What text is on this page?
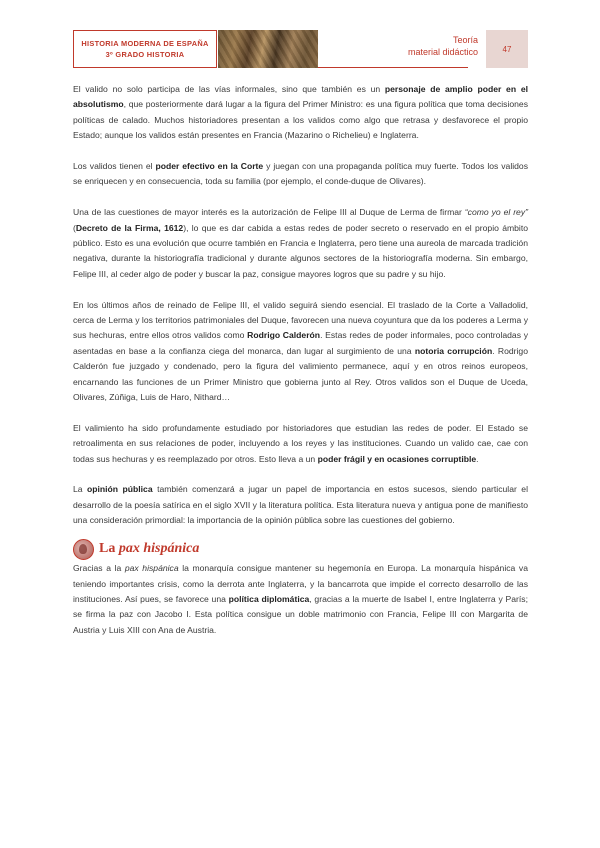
HISTORIA MODERNA DE ESPAÑA
3º GRADO HISTORIA
Teoría
material didáctico	47

El valido no solo participa de las vías informales, sino que también es un personaje de amplio poder en el absolutismo, que posteriormente dará lugar a la figura del Primer Ministro: es una figura política que toma decisiones políticas de calado. Muchos historiadores presentan a los validos como algo que retrasa y desfavorece el propio Estado; aunque los validos están presentes en Francia (Mazarino o Richelieu) e Inglaterra.

Los validos tienen el poder efectivo en la Corte y juegan con una propaganda política muy fuerte. Todos los validos se enriquecen y en consecuencia, toda su familia (por ejemplo, el conde-duque de Olivares).

Una de las cuestiones de mayor interés es la autorización de Felipe III al Duque de Lerma de firmar “como yo el rey” (Decreto de la Firma, 1612), lo que es dar cabida a estas redes de poder secreto o reservado en el propio ámbito público. Esto es una evolución que ocurre también en Francia e Inglaterra, pero tiene una aureola de marcada tradición negativa, durante la historiografía tradicional y durante algunos sectores de la historiografía moderna. Sin embargo, Felipe III, al ceder algo de poder y buscar la paz, consigue mayores logros que su padre y su hijo.

En los últimos años de reinado de Felipe III, el valido seguirá siendo esencial. El traslado de la Corte a Valladolid, cerca de Lerma y los territorios patrimoniales del Duque, favorecen una nueva coyuntura que da los poderes a Lerma y sus hechuras, entre ellos otros validos como Rodrigo Calderón. Estas redes de poder informales, poco controladas y asentadas en base a la confianza ciega del monarca, dan lugar al surgimiento de una notoria corrupción. Rodrigo Calderón fue juzgado y condenado, pero la figura del valimiento permanece, aquí y en otros reinos europeos, encarnando las funciones de un Primer Ministro que gobierna junto al Rey. Otros validos son el Duque de Uceda, Olivares, Zúñiga, Luis de Haro, Nithard…

El valimiento ha sido profundamente estudiado por historiadores que estudian las redes de poder. El Estado se retroalimenta en sus relaciones de poder, incluyendo a los reyes y las instituciones. Cuando un valido cae, cae con todas sus hechuras y es reemplazado por otros. Esto lleva a un poder frágil y en ocasiones corruptible.

La opinión pública también comenzará a jugar un papel de importancia en estos sucesos, siendo particular el desarrollo de la poesía satírica en el siglo XVII y la literatura política. Esta literatura nueva y antigua pone de manifiesto una consideración primordial: la importancia de la opinión pública sobre las cuestiones del gobierno.

La pax hispánica

Gracias a la pax hispánica la monarquía consigue mantener su hegemonía en Europa. La monarquía hispánica va teniendo importantes crisis, como la derrota ante Inglaterra, y la bancarrota que impide el correcto desarrollo de las instituciones. Así pues, se favorece una política diplomática, gracias a la muerte de Isabel I, entre Inglaterra y París; se firma la paz con Jacobo I. Esta política consigue un doble matrimonio con Francia, Felipe III con Margarita de Austria y Luis XIII con Ana de Austria.
